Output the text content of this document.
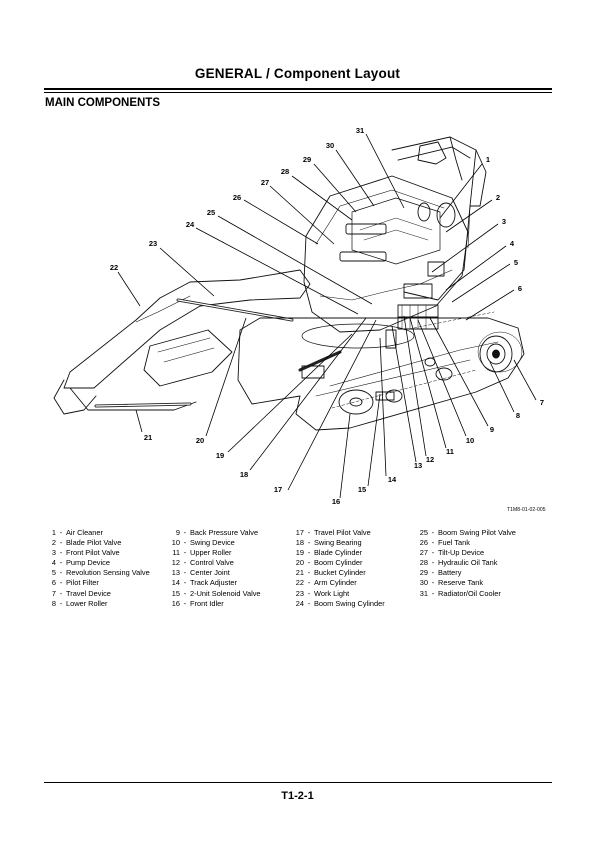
GENERAL / Component Layout
MAIN COMPONENTS
1
2
3
4
5
6
7
8
9
10
11
12
13
14
15
16
17
18
19
20
21
22
23
24
25
26
27
28
29
30
31
T1M8-01-02-005
1 - Air Cleaner
2 - Blade Pilot Valve
3 - Front Pilot Valve
4 - Pump Device
5 - Revolution Sensing Valve
6 - Pilot Filter
7 - Travel Device
8 - Lower Roller
9 - Back Pressure Valve
10 - Swing Device
11 - Upper Roller
12 - Control Valve
13 - Center Joint
14 - Track Adjuster
15 - 2-Unit Solenoid Valve
16 - Front Idler
17 - Travel Pilot Valve
18 - Swing Bearing
19 - Blade Cylinder
20 - Boom Cylinder
21 - Bucket Cylinder
22 - Arm Cylinder
23 - Work Light
24 - Boom Swing Cylinder
25 - Boom Swing Pilot Valve
26 - Fuel Tank
27 - Tilt-Up Device
28 - Hydraulic Oil Tank
29 - Battery
30 - Reserve Tank
31 - Radiator/Oil Cooler
T1-2-1
